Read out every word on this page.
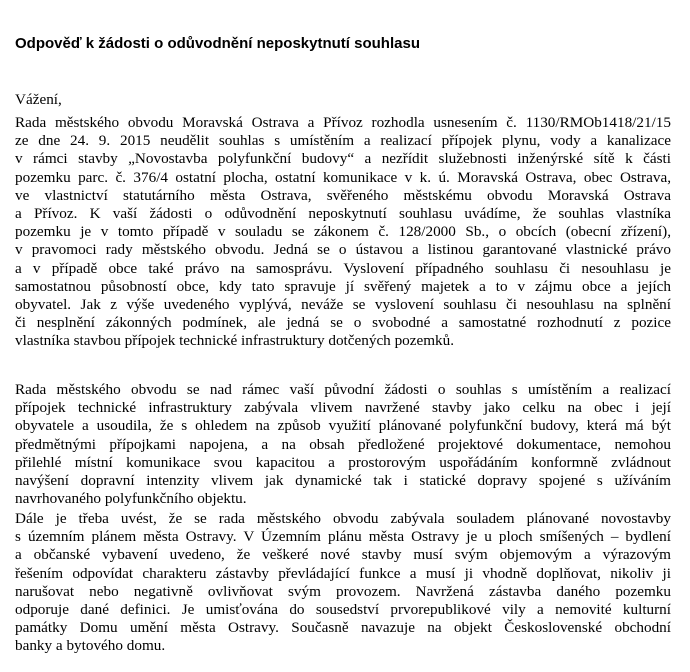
Odpověď k žádosti o odůvodnění neposkytnutí souhlasu

Vážení,

Rada městského obvodu Moravská Ostrava a Přívoz rozhodla usnesením č. 1130/RMOb1418/21/15
ze dne 24. 9. 2015 neudělit souhlas s umístěním a realizací přípojek plynu, vody a kanalizace
v rámci stavby „Novostavba polyfunkční budovy“ a nezřídit služebnosti inženýrské sítě k části
pozemku parc. č. 376/4 ostatní plocha, ostatní komunikace v k. ú. Moravská Ostrava, obec Ostrava,
ve vlastnictví statutárního města Ostrava, svěřeného městskému obvodu Moravská Ostrava
a Přívoz. K vaší žádosti o odůvodnění neposkytnutí souhlasu uvádíme, že souhlas vlastníka
pozemku je v tomto případě v souladu se zákonem č. 128/2000 Sb., o obcích (obecní zřízení),
v pravomoci rady městského obvodu. Jedná se o ústavou a listinou garantované vlastnické právo
a v případě obce také právo na samosprávu. Vyslovení případného souhlasu či nesouhlasu je
samostatnou působností obce, kdy tato spravuje jí svěřený majetek a to v zájmu obce a jejích
obyvatel. Jak z výše uvedeného vyplývá, nevážе se vyslovení souhlasu či nesouhlasu na splnění
či nesplnění zákonných podmínek, ale jedná se o svobodné a samostatné rozhodnutí z pozice
vlastníka stavbou přípojek technické infrastruktury dotčených pozemků.

Rada městského obvodu se nad rámec vaší původní žádosti o souhlas s umístěním a realizací
přípojek technické infrastruktury zabývala vlivem navržené stavby jako celku na obec i její
obyvatele a usoudila, že s ohledem na způsob využití plánované polyfunkční budovy, která má být
předmětnými přípojkami napojena, a na obsah předložené projektové dokumentace, nemohou
přilehlé místní komunikace svou kapacitou a prostorovým uspořádáním konformně zvládnout
navýšení dopravní intenzity vlivem jak dynamické tak i statické dopravy spojené s užíváním
navrhovaného polyfunkčního objektu.

Dále je třeba uvést, že se rada městského obvodu zabývala souladem plánované novostavby
s územním plánem města Ostravy. V Územním plánu města Ostravy je u ploch smíšených – bydlení
a občanské vybavení uvedeno, že veškeré nové stavby musí svým objemovým a výrazovým
řešením odpovídat charakteru zástavby převládající funkce a musí ji vhodně doplňovat, nikoliv ji
narušovat nebo negativně ovlivňovat svým provozem. Navržená zástavba daného pozemku
odporuje dané definici. Je umisťována do sousedství prvorepublikové vily a nemovité kulturní
památky Domu umění města Ostravy. Současně navazuje na objekt Československé obchodní
banky a bytového domu.
